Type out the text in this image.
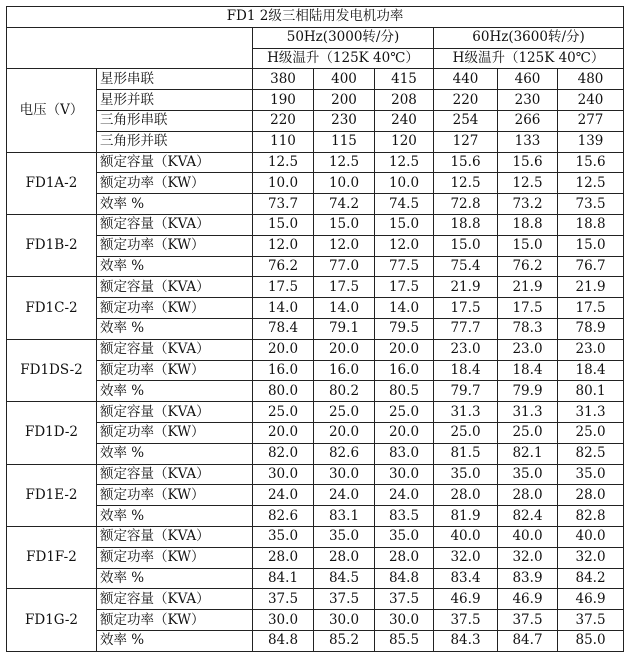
FD1 2级三相陆用发电机功率							
		50Hz(3000转/分)			60Hz(3600转/分)		
		H级温升（125K 40℃）			H级温升（125K 40℃）		
电压（V）	星形串联	380	400	415	440	460	480
	星形并联	190	200	208	220	230	240
	三角形串联	220	230	240	254	266	277
	三角形并联	110	115	120	127	133	139
FD1A-2	额定容量（KVA）	12.5	12.5	12.5	15.6	15.6	15.6
	额定功率（KW）	10.0	10.0	10.0	12.5	12.5	12.5
	效率 %	73.7	74.2	74.5	72.8	73.2	73.5
FD1B-2	额定容量（KVA）	15.0	15.0	15.0	18.8	18.8	18.8
	额定功率（KW）	12.0	12.0	12.0	15.0	15.0	15.0
	效率 %	76.2	77.0	77.5	75.4	76.2	76.7
FD1C-2	额定容量（KVA）	17.5	17.5	17.5	21.9	21.9	21.9
	额定功率（KW）	14.0	14.0	14.0	17.5	17.5	17.5
	效率 %	78.4	79.1	79.5	77.7	78.3	78.9
FD1DS-2	额定容量（KVA）	20.0	20.0	20.0	23.0	23.0	23.0
	额定功率（KW）	16.0	16.0	16.0	18.4	18.4	18.4
	效率 %	80.0	80.2	80.5	79.7	79.9	80.1
FD1D-2	额定容量（KVA）	25.0	25.0	25.0	31.3	31.3	31.3
	额定功率（KW）	20.0	20.0	20.0	25.0	25.0	25.0
	效率 %	82.0	82.6	83.0	81.5	82.1	82.5
FD1E-2	额定容量（KVA）	30.0	30.0	30.0	35.0	35.0	35.0
	额定功率（KW）	24.0	24.0	24.0	28.0	28.0	28.0
	效率 %	82.6	83.1	83.5	81.9	82.4	82.8
FD1F-2	额定容量（KVA）	35.0	35.0	35.0	40.0	40.0	40.0
	额定功率（KW）	28.0	28.0	28.0	32.0	32.0	32.0
	效率 %	84.1	84.5	84.8	83.4	83.9	84.2
FD1G-2	额定容量（KVA）	37.5	37.5	37.5	46.9	46.9	46.9
	额定功率（KW）	30.0	30.0	30.0	37.5	37.5	37.5
	效率 %	84.8	85.2	85.5	84.3	84.7	85.0
